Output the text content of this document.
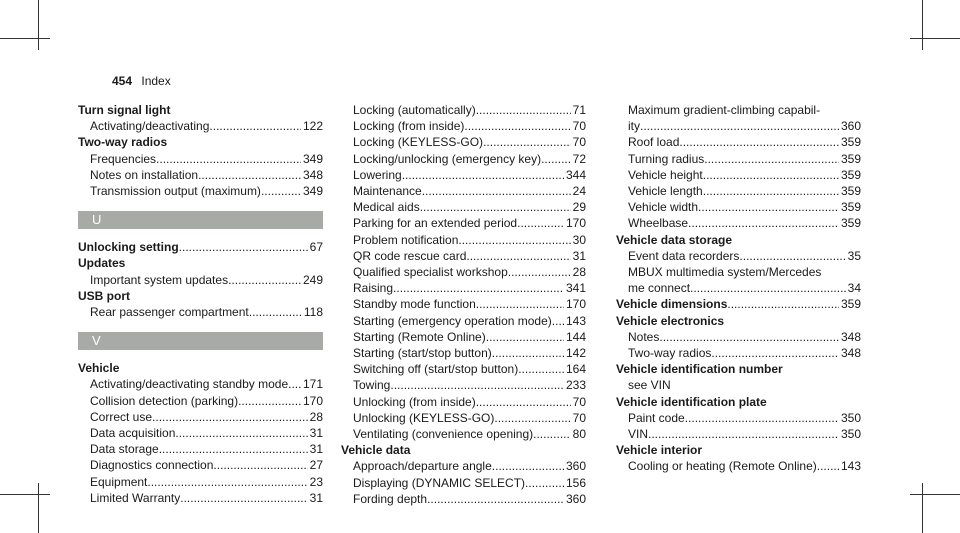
454 Index
Turn signal light
Activating/deactivating .....	122
Two-way radios
Frequencies .....	349
Notes on installation .....	348
Transmission output (maximum) .....	349
U
Unlocking setting .....	67
Updates
Important system updates .....	249
USB port
Rear passenger compartment .....	118
V
Vehicle
Activating/deactivating standby mode ..... 171
Collision detection (parking) .....	170
Correct use .....	28
Data acquisition .....	31
Data storage .....	31
Diagnostics connection .....	27
Equipment .....	23
Limited Warranty .....	31
Locking (automatically) .....	71
Locking (from inside) .....	70
Locking (KEYLESS-GO) .....	70
Locking/unlocking (emergency key) .....	72
Lowering .....	344
Maintenance .....	24
Medical aids .....	29
Parking for an extended period .....	170
Problem notification .....	30
QR code rescue card .....	31
Qualified specialist workshop .....	28
Raising .....	341
Standby mode function .....	170
Starting (emergency operation mode) ..... 143
Starting (Remote Online) .....	144
Starting (start/stop button) .....	142
Switching off (start/stop button) .....	164
Towing .....	233
Unlocking (from inside) .....	70
Unlocking (KEYLESS-GO) .....	70
Ventilating (convenience opening) .....	80
Vehicle data
Approach/departure angle .....	360
Displaying (DYNAMIC SELECT) .....	156
Fording depth .....	360
Maximum gradient-climbing capabil-
ity .....	360
Roof load .....	359
Turning radius .....	359
Vehicle height .....	359
Vehicle length .....	359
Vehicle width .....	359
Wheelbase .....	359
Vehicle data storage
Event data recorders .....	35
MBUX multimedia system/Mercedes
me connect .....	34
Vehicle dimensions .....	359
Vehicle electronics
Notes .....	348
Two-way radios .....	348
Vehicle identification number
see VIN
Vehicle identification plate
Paint code .....	350
VIN .....	350
Vehicle interior
Cooling or heating (Remote Online) ..... 143
